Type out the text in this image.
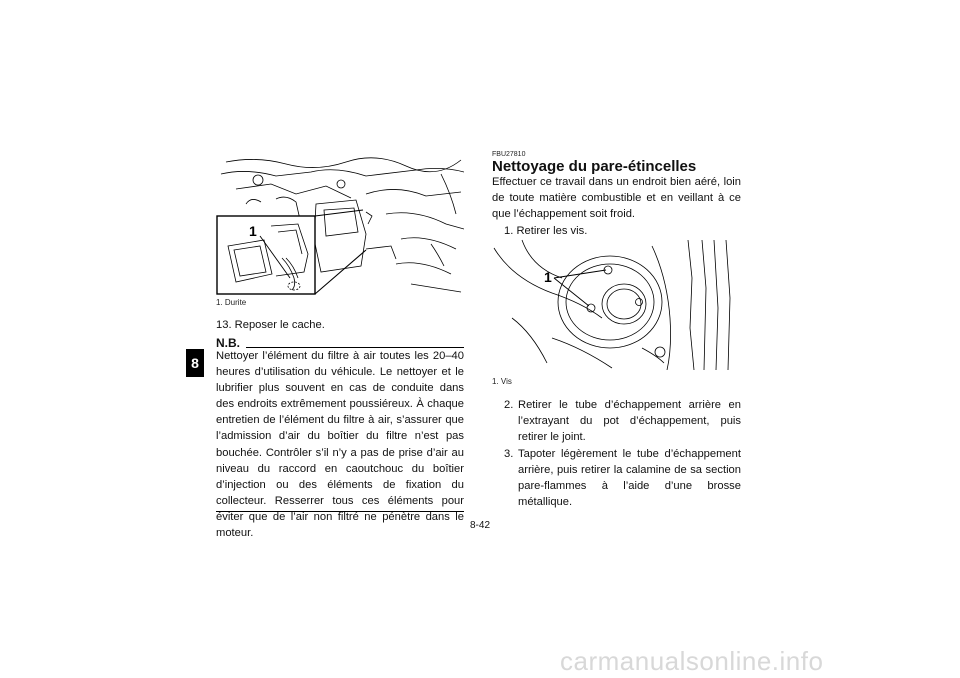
8
1
1. Durite
13. Reposer le cache.
N.B.
Nettoyer l’élément du filtre à air toutes les 20–40 heures d’utilisation du véhicule. Le nettoyer et le lubrifier plus souvent en cas de conduite dans des endroits extrêmement poussiéreux. À chaque entretien de l’élément du filtre à air, s’assurer que l’admission d’air du boîtier du filtre n’est pas bouchée. Contrôler s’il n’y a pas de prise d’air au niveau du raccord en caoutchouc du boîtier d’injection ou des éléments de fixation du collecteur. Resserrer tous ces éléments pour éviter que de l’air non filtré ne pénètre dans le moteur.
FBU27810
Nettoyage du pare-étincelles
Effectuer ce travail dans un endroit bien aéré, loin de toute matière combustible et en veillant à ce que l’échappement soit froid.
1. Retirer les vis.
1
1. Vis
2. Retirer le tube d’échappement arrière en l’extrayant du pot d’échappement, puis retirer le joint.
3. Tapoter légèrement le tube d’échappement arrière, puis retirer la calamine de sa section pare-flammes à l’aide d’une brosse métallique.
8-42
carmanualsonline.info
